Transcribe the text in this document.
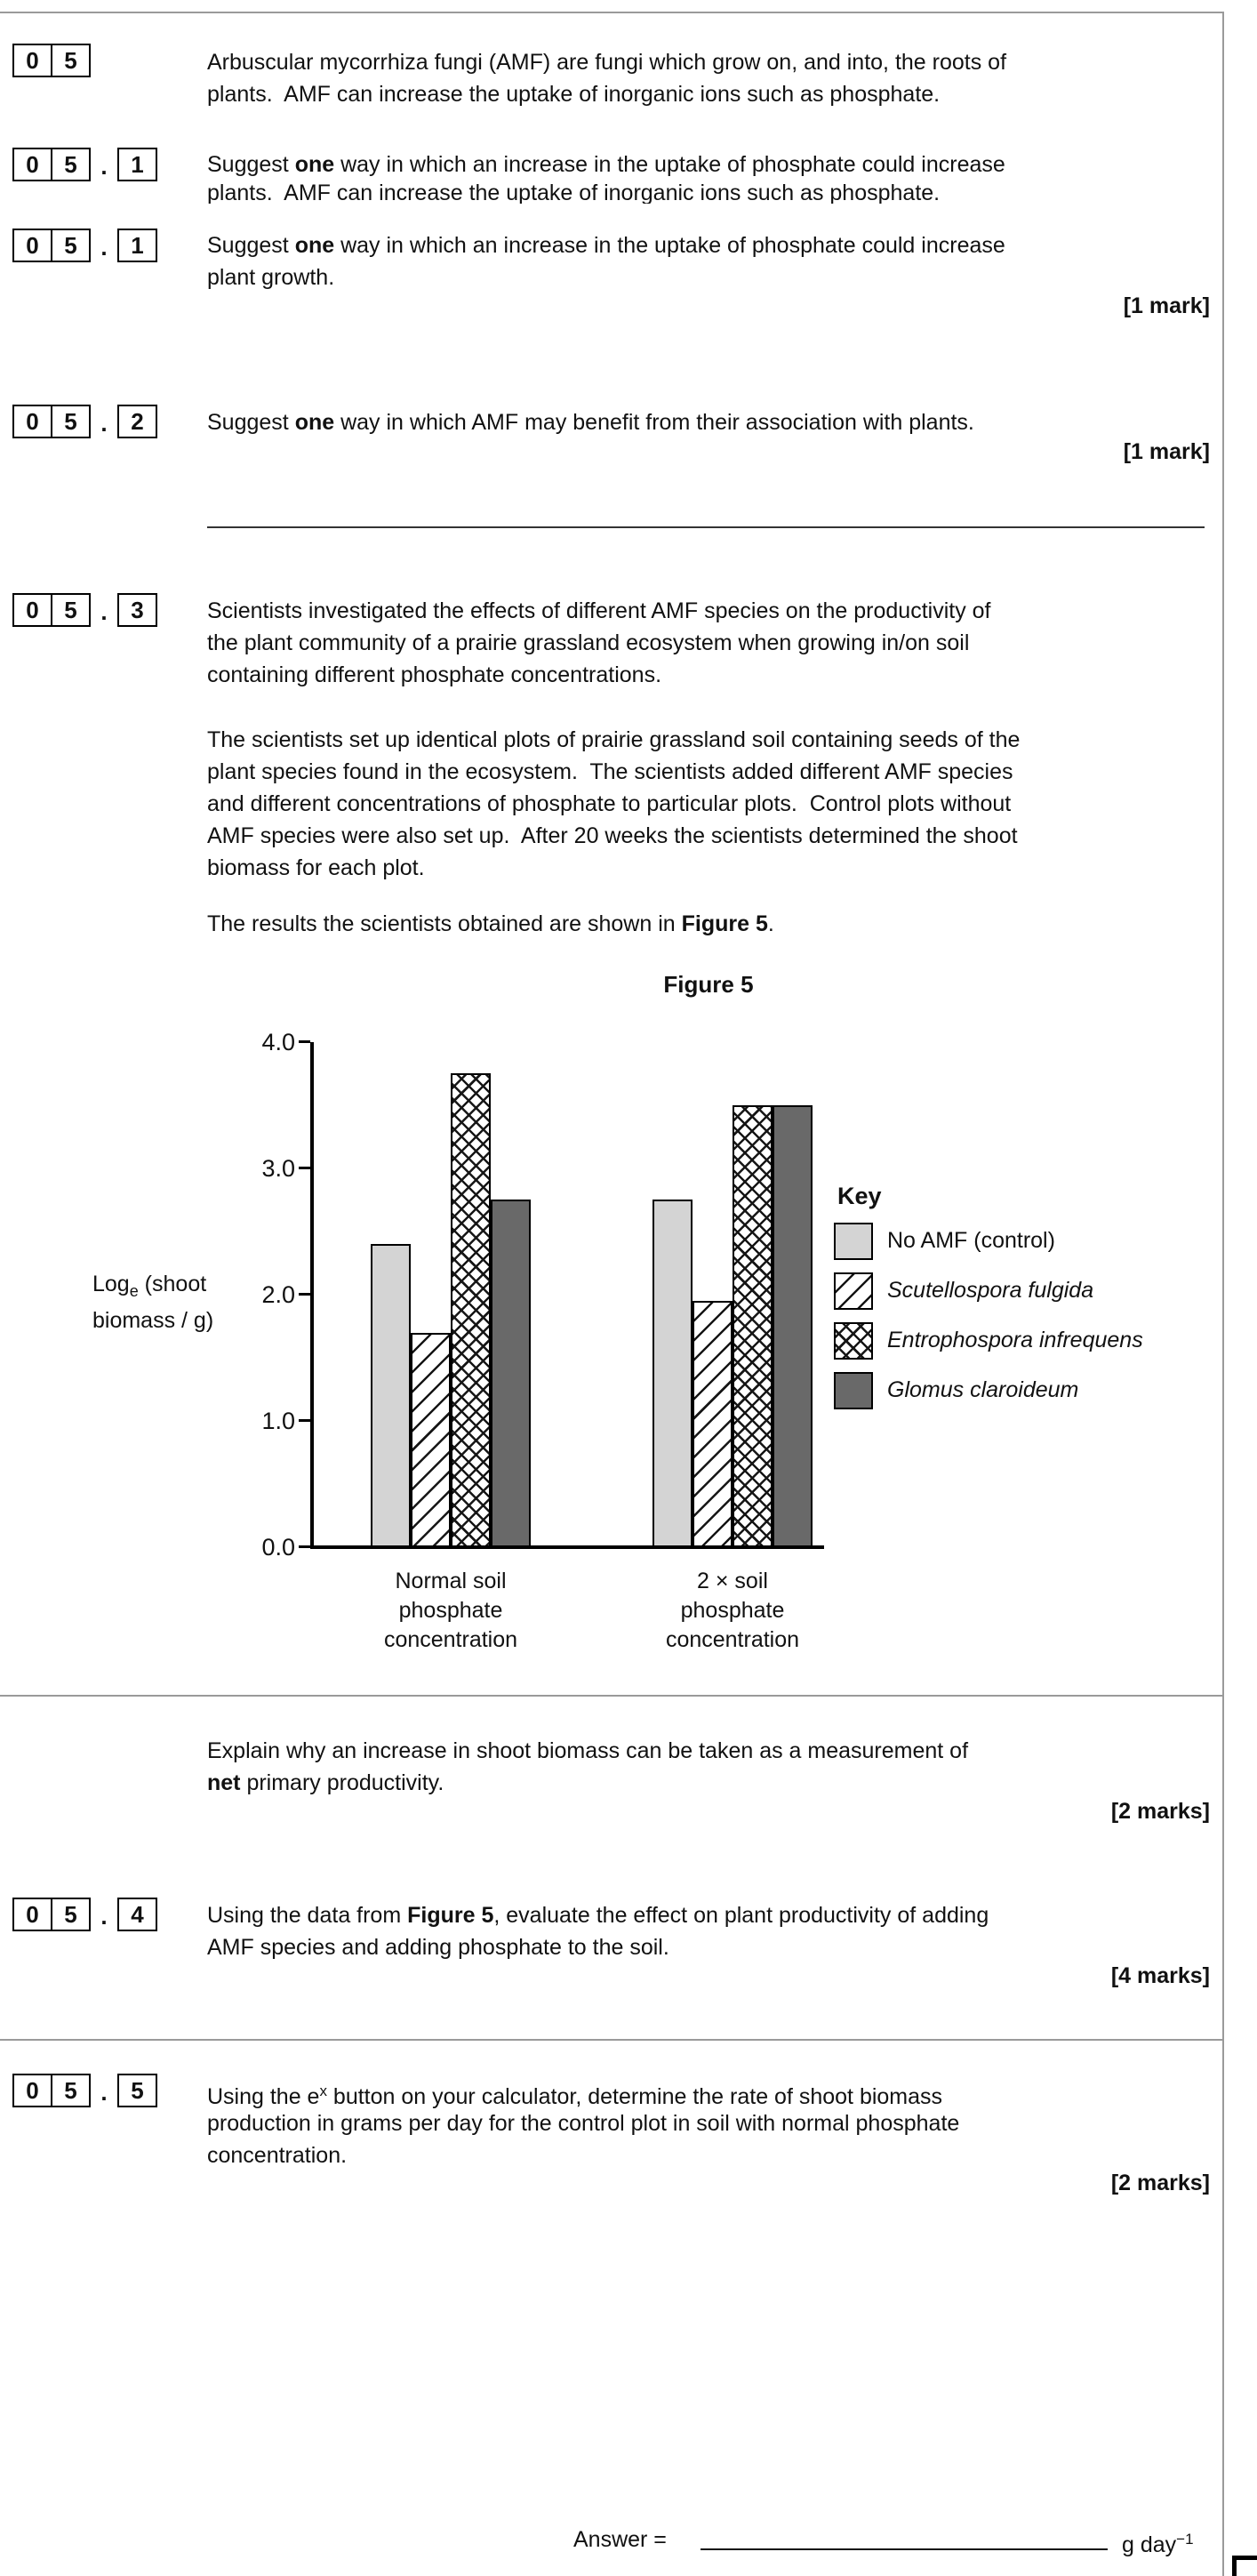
0	5	Arbuscular mycorrhiza fungi (AMF) are fungi which grow on, and into, the roots of
plants.  AMF can increase the uptake of inorganic ions such as phosphate.
0	5	.	1	Suggest one way in which an increase in the uptake of phosphate could increase
plants.  AMF can increase the uptake of inorganic ions such as phosphate.
0	5	.	1	Suggest one way in which an increase in the uptake of phosphate could increase
plant growth.
[1 mark]
0	5	.	2	Suggest one way in which AMF may benefit from their association with plants.
[1 mark]
0	5	.	3	Scientists investigated the effects of different AMF species on the productivity of
the plant community of a prairie grassland ecosystem when growing in/on soil
containing different phosphate concentrations.
The scientists set up identical plots of prairie grassland soil containing seeds of the
plant species found in the ecosystem.  The scientists added different AMF species
and different concentrations of phosphate to particular plots.  Control plots without
AMF species were also set up.  After 20 weeks the scientists determined the shoot
biomass for each plot.
The results the scientists obtained are shown in Figure 5.
Figure 5
Log$_e$ (shoot
biomass / g)
4.0
3.0
2.0
1.0
0.0
Normal soil
phosphate
concentration
2 × soil
phosphate
concentration
Key
No AMF (control)
Scutellospora fulgida
Entrophospora infrequens
Glomus claroideum
Explain why an increase in shoot biomass can be taken as a measurement of
net primary productivity.
[2 marks]
0	5	.	4	Using the data from Figure 5, evaluate the effect on plant productivity of adding
AMF species and adding phosphate to the soil.
[4 marks]
0	5	.	5	Using the $e^x$ button on your calculator, determine the rate of shoot biomass
production in grams per day for the control plot in soil with normal phosphate
concentration.
[2 marks]
Answer =	g day$^{-1}$
